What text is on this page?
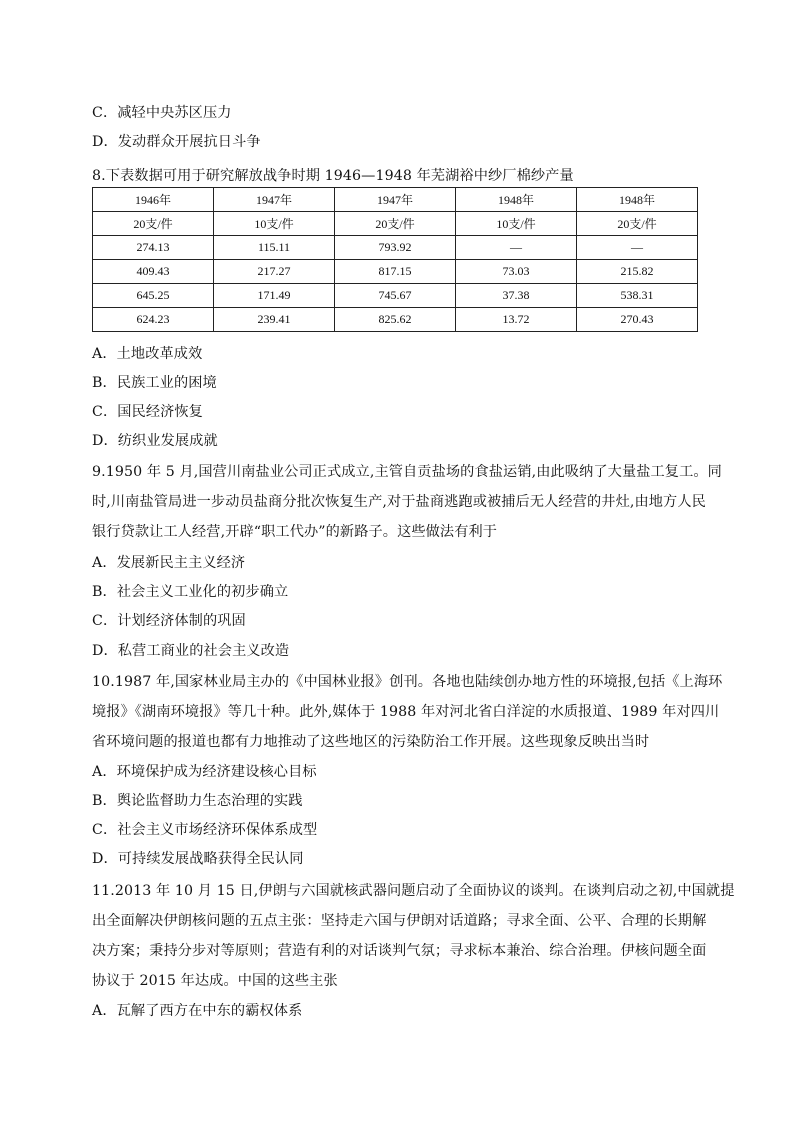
C．减轻中央苏区压力
D．发动群众开展抗日斗争
8.下表数据可用于研究解放战争时期 1946—1948 年芜湖裕中纱厂棉纱产量
1946年	1947年	1947年	1948年	1948年
20支/件	10支/件	20支/件	10支/件	20支/件
274.13	115.11	793.92	—	—
409.43	217.27	817.15	73.03	215.82
645.25	171.49	745.67	37.38	538.31
624.23	239.41	825.62	13.72	270.43
A．土地改革成效
B．民族工业的困境
C．国民经济恢复
D．纺织业发展成就
9.1950 年 5 月,国营川南盐业公司正式成立,主管自贡盐场的食盐运销,由此吸纳了大量盐工复工。同
时,川南盐管局进一步动员盐商分批次恢复生产,对于盐商逃跑或被捕后无人经营的井灶,由地方人民
银行贷款让工人经营,开辟“职工代办”的新路子。这些做法有利于
A．发展新民主主义经济
B．社会主义工业化的初步确立
C．计划经济体制的巩固
D．私营工商业的社会主义改造
10.1987 年,国家林业局主办的《中国林业报》创刊。各地也陆续创办地方性的环境报,包括《上海环
境报》《湖南环境报》等几十种。此外,媒体于 1988 年对河北省白洋淀的水质报道、1989 年对四川
省环境问题的报道也都有力地推动了这些地区的污染防治工作开展。这些现象反映出当时
A．环境保护成为经济建设核心目标
B．舆论监督助力生态治理的实践
C．社会主义市场经济环保体系成型
D．可持续发展战略获得全民认同
11.2013 年 10 月 15 日,伊朗与六国就核武器问题启动了全面协议的谈判。在谈判启动之初,中国就提
出全面解决伊朗核问题的五点主张：坚持走六国与伊朗对话道路；寻求全面、公平、合理的长期解
决方案；秉持分步对等原则；营造有利的对话谈判气氛；寻求标本兼治、综合治理。伊核问题全面
协议于 2015 年达成。中国的这些主张
A．瓦解了西方在中东的霸权体系
